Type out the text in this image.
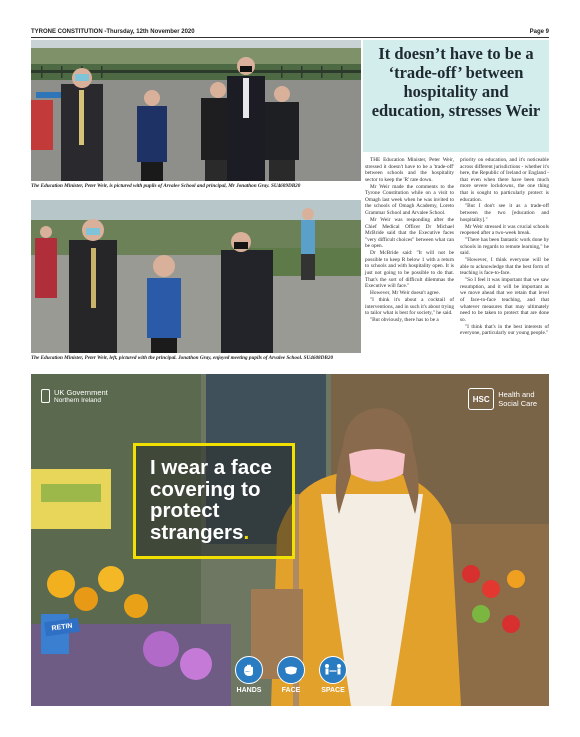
TYRONE CONSTITUTION -Thursday, 12th November 2020	Page 9
The Education Minister, Peter Weir, is pictured with pupils of Arvalee School and principal, Mr Jonathon Gray. SU4609DB20
The Education Minister, Peter Weir, left, pictured with the principal. Jonathon Gray, enjoyed meeting pupils of Arvalee School. SU4608DB20
It doesn’t have to be a ‘trade-off’ between hospitality and education, stresses Weir

THE Education Minister, Peter Weir, stressed it doesn't have to be a 'trade-off' between schools and the hospitality sector to keep the 'R' rate down.

Mr Weir made the comments to the Tyrone Constitution while on a visit to Omagh last week when he was invited to the schools of Omagh Academy, Loreto Grammar School and Arvalee School.

Mr Weir was responding after the Chief Medical Officer Dr Michael McBride said that the Executive faces "very difficult choices" between what can be open.

Dr McBride said: "It will not be possible to keep R below 1 with a return to schools and with hospitality open. It is just not going to be possible to do that. That's the sort of difficult dilemmas the Executive will face."

However, Mr Weir doesn't agree.

"I think it's about a cocktail of interventions, and in such it's about trying to tailor what is best for society," he said.

"But obviously, there has to be a

priority on education, and it's noticeable across different jurisdictions - whether it's here, the Republic of Ireland or England - that even when there have been much more severe lockdowns, the one thing that is sought to particularly protect is education.

"But I don't see it as a trade-off between the two [education and hospitality]."

Mr Weir stressed it was crucial schools reopened after a two-week break.

"There has been fantastic work done by schools in regards to remote learning," he said.

"However, I think everyone will be able to acknowledge that the best form of teaching is face-to-face.

"So I feel it was important that we saw resumption, and it will be important as we move ahead that we retain that level of face-to-face teaching, and that whatever measures that may ultimately need to be taken to protect that are done so.

"I think that's in the best interests of everyone, particularly our young people."

UK Government
Northern Ireland	HSC	Health and
Social Care
RETIN
I wear a face covering to protect strangers.
HANDS	FACE	SPACE
